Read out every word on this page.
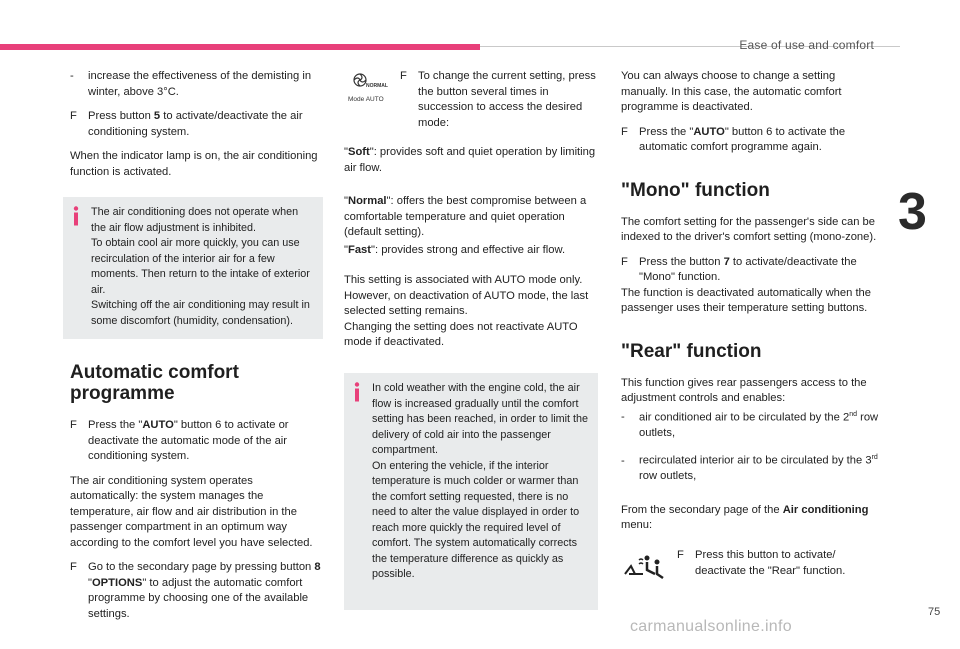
Ease of use and comfort
3
75
carmanualsonline.info

- increase the effectiveness of the demisting in winter, above 3°C.

F Press button 5 to activate/deactivate the air conditioning system.

When the indicator lamp is on, the air conditioning function is activated.

The air conditioning does not operate when the air flow adjustment is inhibited.
To obtain cool air more quickly, you can use recirculation of the interior air for a few moments. Then return to the intake of exterior air.
Switching off the air conditioning may result in some discomfort (humidity, condensation).
Automatic comfort programme

F Press the "AUTO" button 6 to activate or deactivate the automatic mode of the air conditioning system.

The air conditioning system operates automatically: the system manages the temperature, air flow and air distribution in the passenger compartment in an optimum way according to the comfort level you have selected.

F Go to the secondary page by pressing button 8 "OPTIONS" to adjust the automatic comfort programme by choosing one of the available settings.

NORMAL
Mode AUTO

F To change the current setting, press the button several times in succession to access the desired mode:

"Soft": provides soft and quiet operation by limiting air flow.

"Normal": offers the best compromise between a comfortable temperature and quiet operation (default setting).

"Fast": provides strong and effective air flow.

This setting is associated with AUTO mode only. However, on deactivation of AUTO mode, the last selected setting remains.
Changing the setting does not reactivate AUTO mode if deactivated.

In cold weather with the engine cold, the air flow is increased gradually until the comfort setting has been reached, in order to limit the delivery of cold air into the passenger compartment.
On entering the vehicle, if the interior temperature is much colder or warmer than the comfort setting requested, there is no need to alter the value displayed in order to reach more quickly the required level of comfort. The system automatically corrects the temperature difference as quickly as possible.

You can always choose to change a setting manually. In this case, the automatic comfort programme is deactivated.

F Press the "AUTO" button 6 to activate the automatic comfort programme again.

"Mono" function

The comfort setting for the passenger's side can be indexed to the driver's comfort setting (mono-zone).

F Press the button 7 to activate/deactivate the "Mono" function.

The function is deactivated automatically when the passenger uses their temperature setting buttons.

"Rear" function

This function gives rear passengers access to the adjustment controls and enables:

- air conditioned air to be circulated by the 2nd row outlets,

- recirculated interior air to be circulated by the 3rd row outlets,

From the secondary page of the Air conditioning menu:

F Press this button to activate/ deactivate the "Rear" function.
